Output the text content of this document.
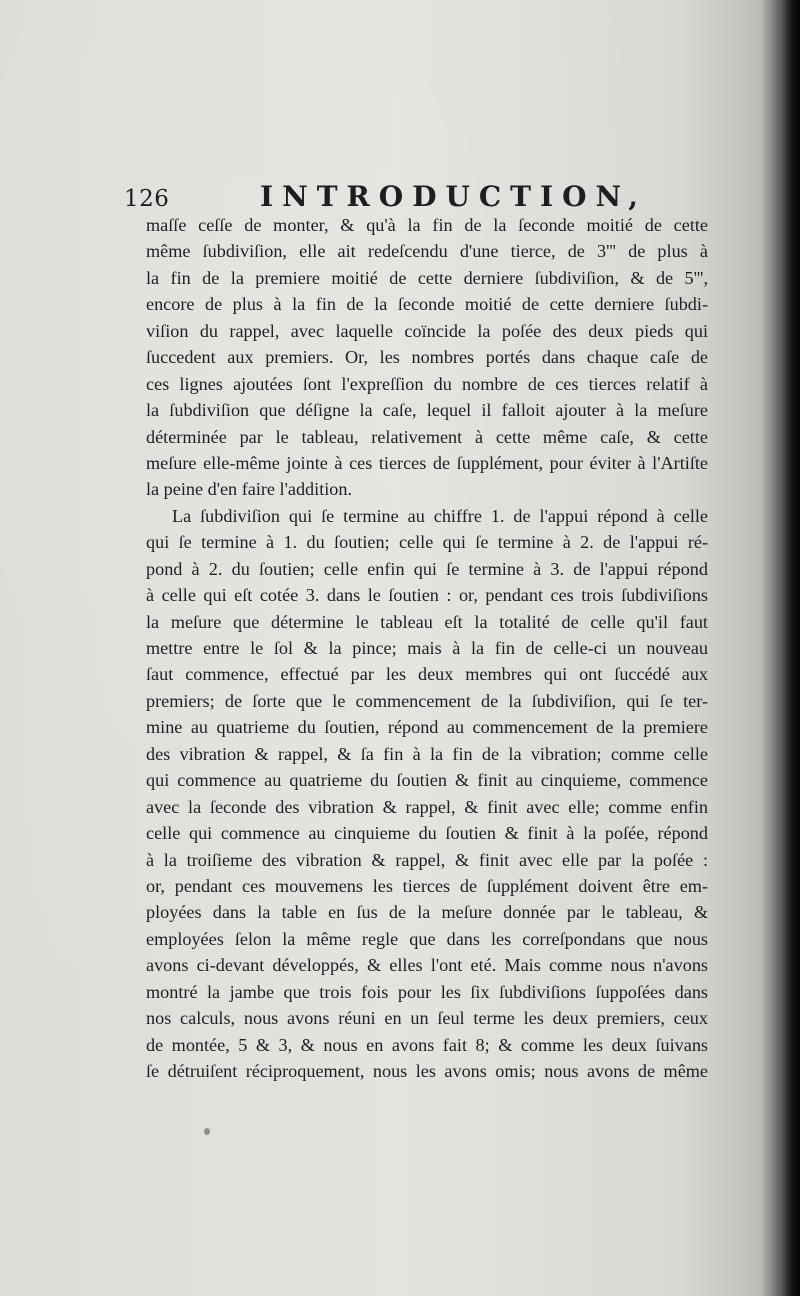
126	INTRODUCTION,
maſſe ceſſe de monter, & qu'à la fin de la ſeconde moitié de cette
même ſubdiviſion, elle ait redeſcendu d'une tierce, de 3''' de plus à
la fin de la premiere moitié de cette derniere ſubdiviſion, & de 5''',
encore de plus à la fin de la ſeconde moitié de cette derniere ſubdi-
viſion du rappel, avec laquelle coïncide la poſée des deux pieds qui
ſuccedent aux premiers. Or, les nombres portés dans chaque caſe de
ces lignes ajoutées ſont l'expreſſion du nombre de ces tierces relatif à
la ſubdiviſion que déſigne la caſe, lequel il falloit ajouter à la meſure
déterminée par le tableau, relativement à cette même caſe, & cette
meſure elle-même jointe à ces tierces de ſupplément, pour éviter à l'Artiſte
la peine d'en faire l'addition.
La ſubdiviſion qui ſe termine au chiffre 1. de l'appui répond à celle
qui ſe termine à 1. du ſoutien; celle qui ſe termine à 2. de l'appui ré-
pond à 2. du ſoutien; celle enfin qui ſe termine à 3. de l'appui répond
à celle qui eſt cotée 3. dans le ſoutien : or, pendant ces trois ſubdiviſions
la meſure que détermine le tableau eſt la totalité de celle qu'il faut
mettre entre le ſol & la pince; mais à la fin de celle-ci un nouveau
ſaut commence, effectué par les deux membres qui ont ſuccédé aux
premiers; de ſorte que le commencement de la ſubdiviſion, qui ſe ter-
mine au quatrieme du ſoutien, répond au commencement de la premiere
des vibration & rappel, & ſa fin à la fin de la vibration; comme celle
qui commence au quatrieme du ſoutien & finit au cinquieme, commence
avec la ſeconde des vibration & rappel, & finit avec elle; comme enfin
celle qui commence au cinquieme du ſoutien & finit à la poſée, répond
à la troiſieme des vibration & rappel, & finit avec elle par la poſée :
or, pendant ces mouvemens les tierces de ſupplément doivent être em-
ployées dans la table en ſus de la meſure donnée par le tableau, &
employées ſelon la même regle que dans les correſpondans que nous
avons ci-devant développés, & elles l'ont eté. Mais comme nous n'avons
montré la jambe que trois fois pour les ſix ſubdiviſions ſuppoſées dans
nos calculs, nous avons réuni en un ſeul terme les deux premiers, ceux
de montée, 5 & 3, & nous en avons fait 8; & comme les deux ſuivans
ſe détruiſent réciproquement, nous les avons omis; nous avons de même
